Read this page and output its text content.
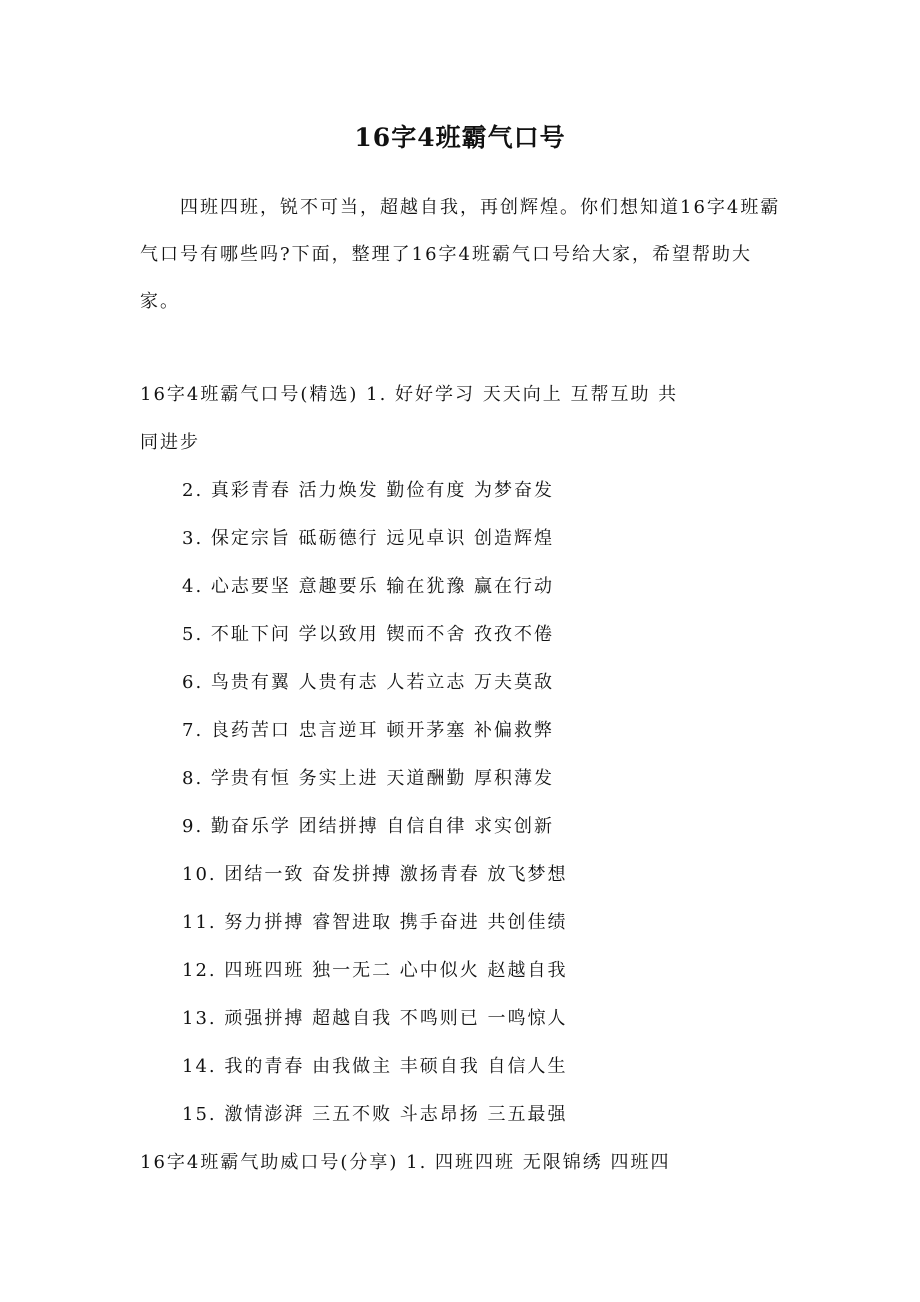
16字4班霸气口号

四班四班，锐不可当，超越自我，再创辉煌。你们想知道16字4班霸气口号有哪些吗?下面，整理了16字4班霸气口号给大家，希望帮助大家。

16字4班霸气口号(精选) 1. 好好学习 天天向上 互帮互助 共

同进步

2. 真彩青春 活力焕发 勤俭有度 为梦奋发

3. 保定宗旨 砥砺德行 远见卓识 创造辉煌

4. 心志要坚 意趣要乐 输在犹豫 赢在行动

5. 不耻下问 学以致用 锲而不舍 孜孜不倦

6. 鸟贵有翼 人贵有志 人若立志 万夫莫敌

7. 良药苦口 忠言逆耳 顿开茅塞 补偏救弊

8. 学贵有恒 务实上进 天道酬勤 厚积薄发

9. 勤奋乐学 团结拼搏 自信自律 求实创新

10. 团结一致 奋发拼搏 激扬青春 放飞梦想

11. 努力拼搏 睿智进取 携手奋进 共创佳绩

12. 四班四班 独一无二 心中似火 赵越自我

13. 顽强拼搏 超越自我 不鸣则已 一鸣惊人

14. 我的青春 由我做主 丰硕自我 自信人生

15. 激情澎湃 三五不败 斗志昂扬 三五最强

16字4班霸气助威口号(分享) 1. 四班四班 无限锦绣 四班四
